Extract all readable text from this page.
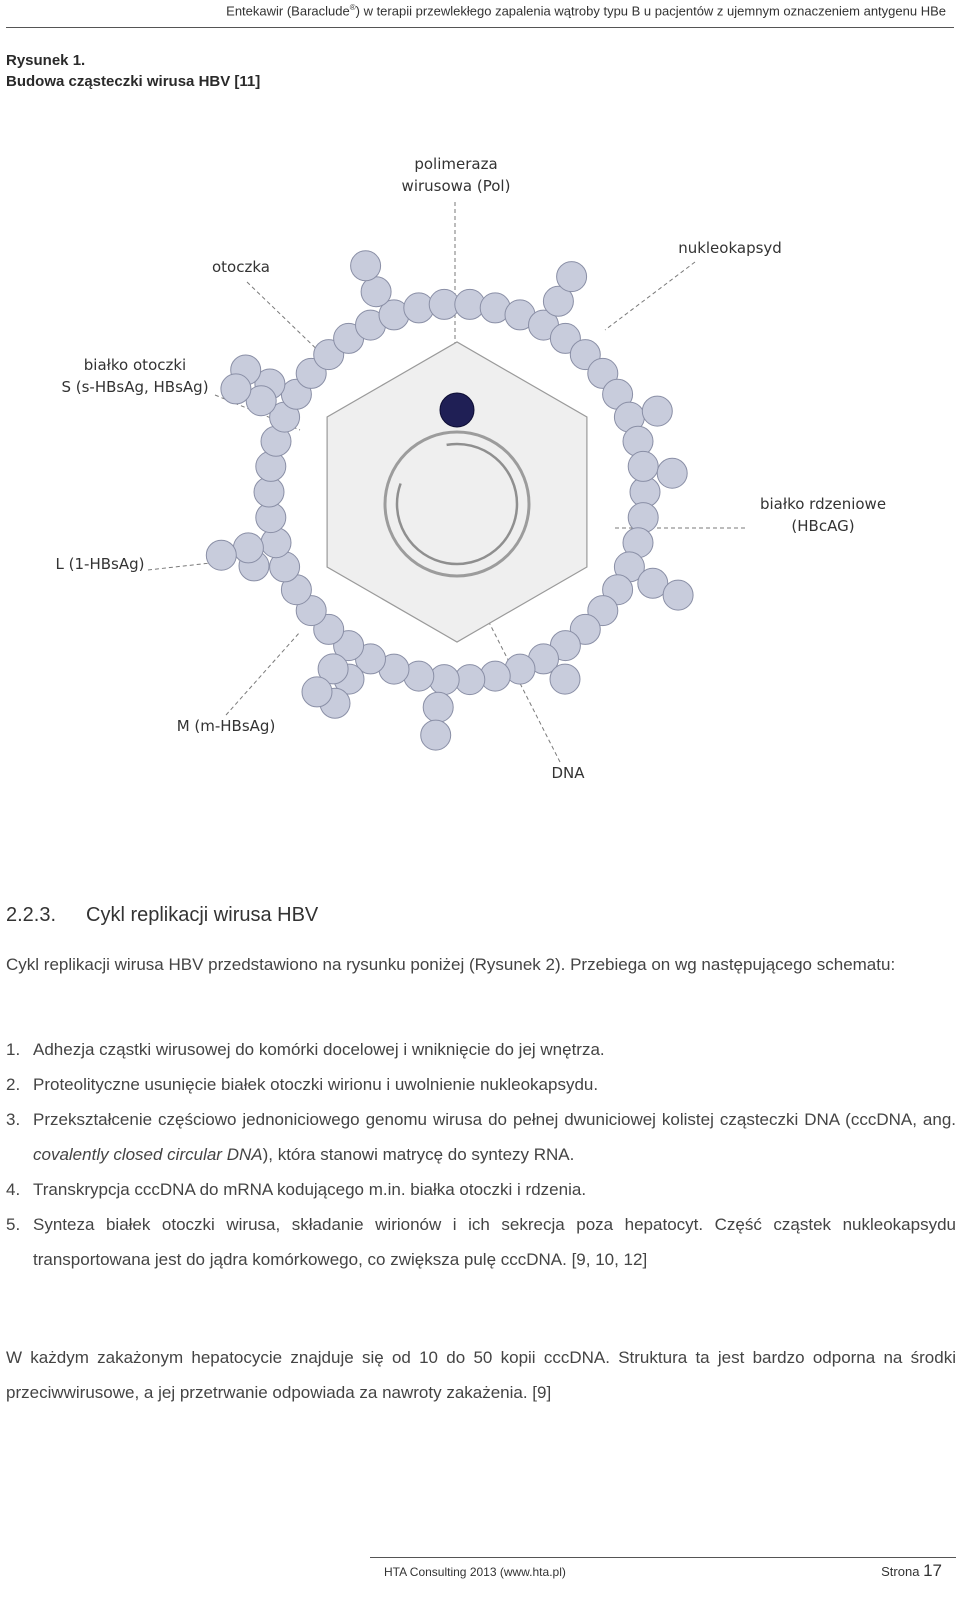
Entekawir (Baraclude®) w terapii przewlekłego zapalenia wątroby typu B u pacjentów z ujemnym oznaczeniem antygenu HBe
Rysunek 1.
Budowa cząsteczki wirusa HBV [11]
polimeraza
wirusowa (Pol)
otoczka
nukleokapsyd
białko otoczki
S (s-HBsAg, HBsAg)
białko rdzeniowe
(HBcAG)
L (1-HBsAg)
M (m-HBsAg)
DNA
2.2.3. Cykl replikacji wirusa HBV
Cykl replikacji wirusa HBV przedstawiono na rysunku poniżej (Rysunek 2). Przebiega on wg następującego schematu:
1. Adhezja cząstki wirusowej do komórki docelowej i wniknięcie do jej wnętrza.
2. Proteolityczne usunięcie białek otoczki wirionu i uwolnienie nukleokapsydu.
3. Przekształcenie częściowo jednoniciowego genomu wirusa do pełnej dwuniciowej kolistej cząsteczki DNA (cccDNA, ang. covalently closed circular DNA), która stanowi matrycę do syntezy RNA.
4. Transkrypcja cccDNA do mRNA kodującego m.in. białka otoczki i rdzenia.
5. Synteza białek otoczki wirusa, składanie wirionów i ich sekrecja poza hepatocyt. Część cząstek nukleokapsydu transportowana jest do jądra komórkowego, co zwiększa pulę cccDNA. [9, 10, 12]
W każdym zakażonym hepatocycie znajduje się od 10 do 50 kopii cccDNA. Struktura ta jest bardzo odporna na środki przeciwwirusowe, a jej przetrwanie odpowiada za nawroty zakażenia. [9]
HTA Consulting 2013 (www.hta.pl)	Strona 17
